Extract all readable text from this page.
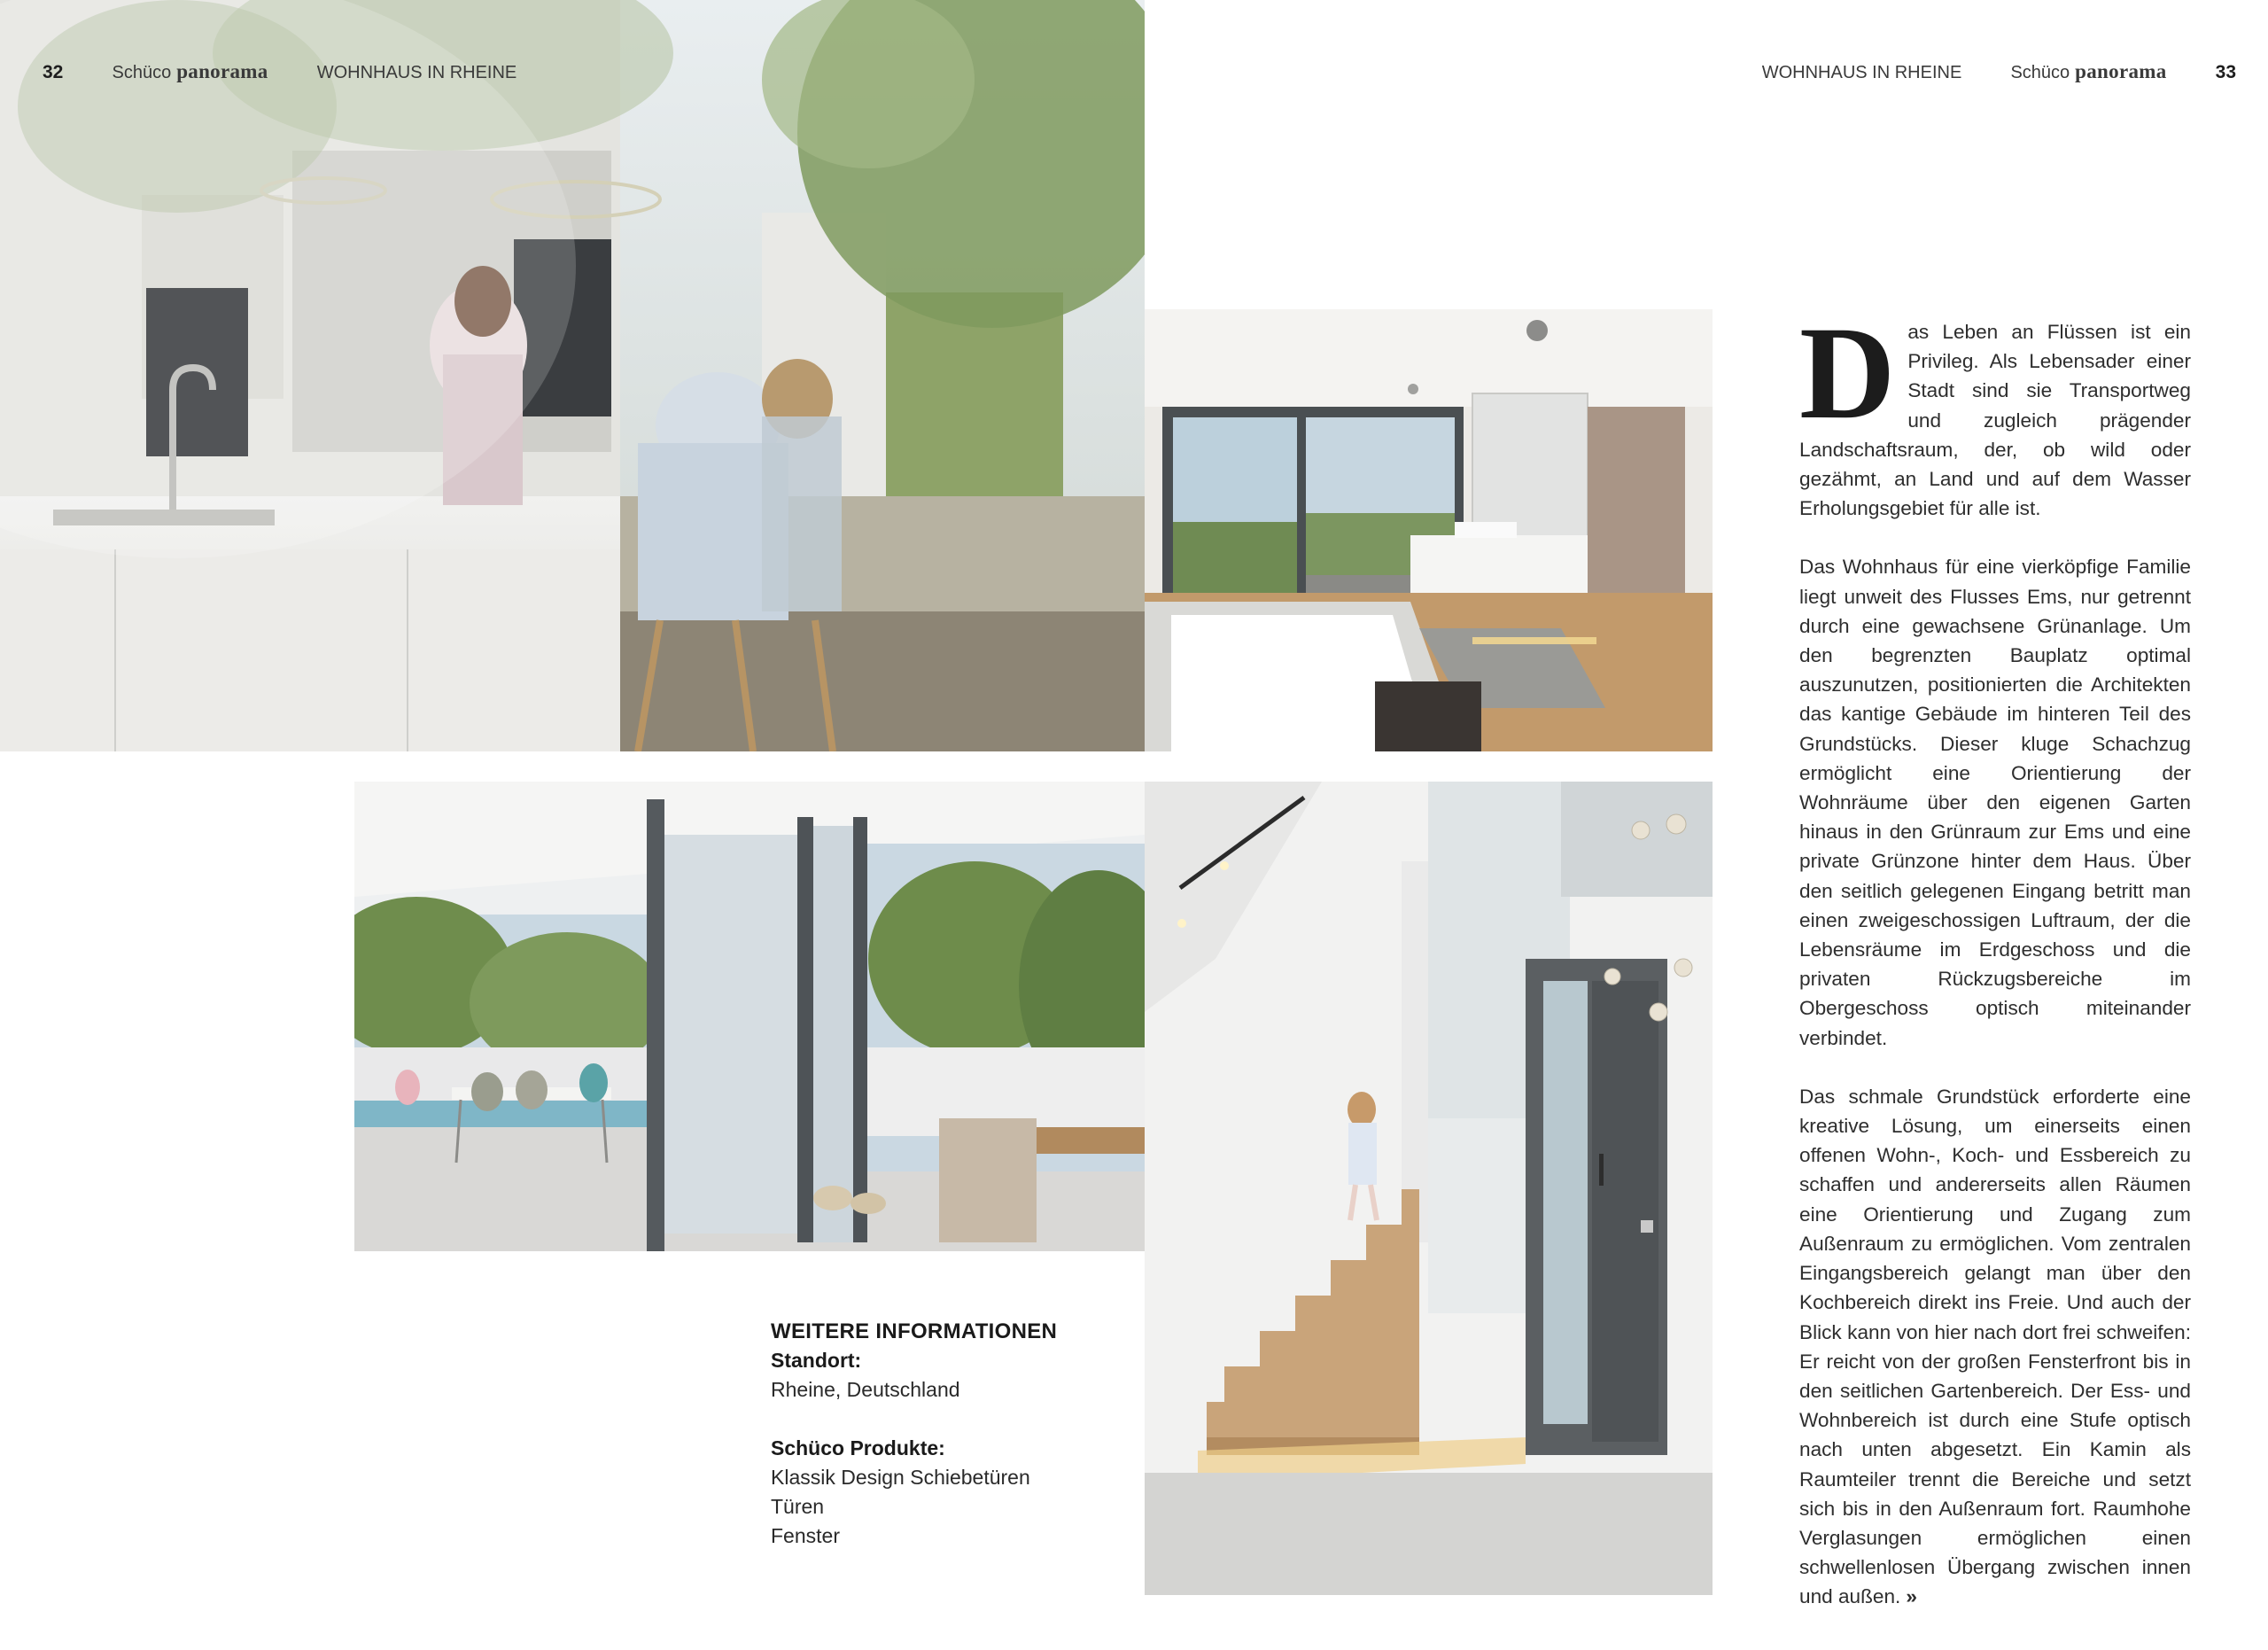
32	Schüco panorama	WOHNHAUS IN RHEINE	WOHNHAUS IN RHEINE	Schüco panorama	33
WEITERE INFORMATIONEN
Standort:
Rheine, Deutschland
Schüco Produkte:
Klassik Design Schiebetüren
Türen
Fenster

Das Leben an Flüssen ist ein Privileg. Als Lebensader einer Stadt sind sie Transportweg und zugleich prägender Landschaftsraum, der, ob wild oder gezähmt, an Land und auf dem Wasser Erholungsgebiet für alle ist.

Das Wohnhaus für eine vierköpfige Familie liegt unweit des Flusses Ems, nur getrennt durch eine gewachsene Grünanlage. Um den begrenzten Bauplatz optimal auszunutzen, positionierten die Architekten das kantige Gebäude im hinteren Teil des Grundstücks. Dieser kluge Schachzug ermöglicht eine Orientierung der Wohnräume über den eigenen Garten hinaus in den Grünraum zur Ems und eine private Grünzone hinter dem Haus. Über den seitlich gelegenen Eingang betritt man einen zweigeschossigen Luftraum, der die Lebensräume im Erdgeschoss und die privaten Rückzugsbereiche im Obergeschoss optisch miteinander verbindet.

Das schmale Grundstück erforderte eine kreative Lösung, um einerseits einen offenen Wohn-, Koch- und Essbereich zu schaffen und andererseits allen Räumen eine Orientierung und Zugang zum Außenraum zu ermöglichen. Vom zentralen Eingangsbereich gelangt man über den Kochbereich direkt ins Freie. Und auch der Blick kann von hier nach dort frei schweifen: Er reicht von der großen Fensterfront bis in den seitlichen Gartenbereich. Der Ess- und Wohnbereich ist durch eine Stufe optisch nach unten abgesetzt. Ein Kamin als Raumteiler trennt die Bereiche und setzt sich bis in den Außenraum fort. Raumhohe Verglasungen ermöglichen einen schwellenlosen Übergang zwischen innen und außen. »
